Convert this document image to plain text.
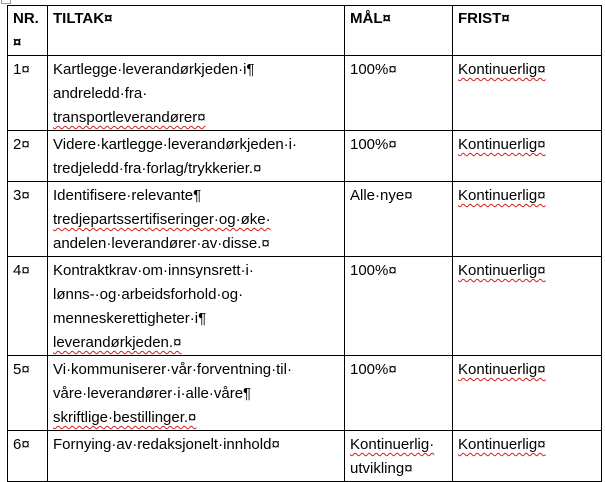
NR.¤	TILTAK¤	MÅL¤	FRIST¤
1¤	Kartlegge·leverandørkjeden·i¶
andreledd·fra·
transportleverandører¤	100%¤	Kontinuerlig¤
2¤	Videre·kartlegge·leverandørkjeden·i·
tredjeledd·fra·forlag/trykkerier.¤	100%¤	Kontinuerlig¤
3¤	Identifisere·relevante¶
tredjepartssertifiseringer·og·øke·
andelen·leverandører·av·disse.¤	Alle·nye¤	Kontinuerlig¤
4¤	Kontraktkrav·om·innsynsrett·i·
lønns-·og·arbeidsforhold·og·
menneskerettigheter·i¶
leverandørkjeden.¤	100%¤	Kontinuerlig¤
5¤	Vi·kommuniserer·vår·forventning·til·
våre·leverandører·i·alle·våre¶
skriftlige·bestillinger.¤	100%¤	Kontinuerlig¤
6¤	Fornying·av·redaksjonelt·innhold¤	Kontinuerlig·
utvikling¤	Kontinuerlig¤
